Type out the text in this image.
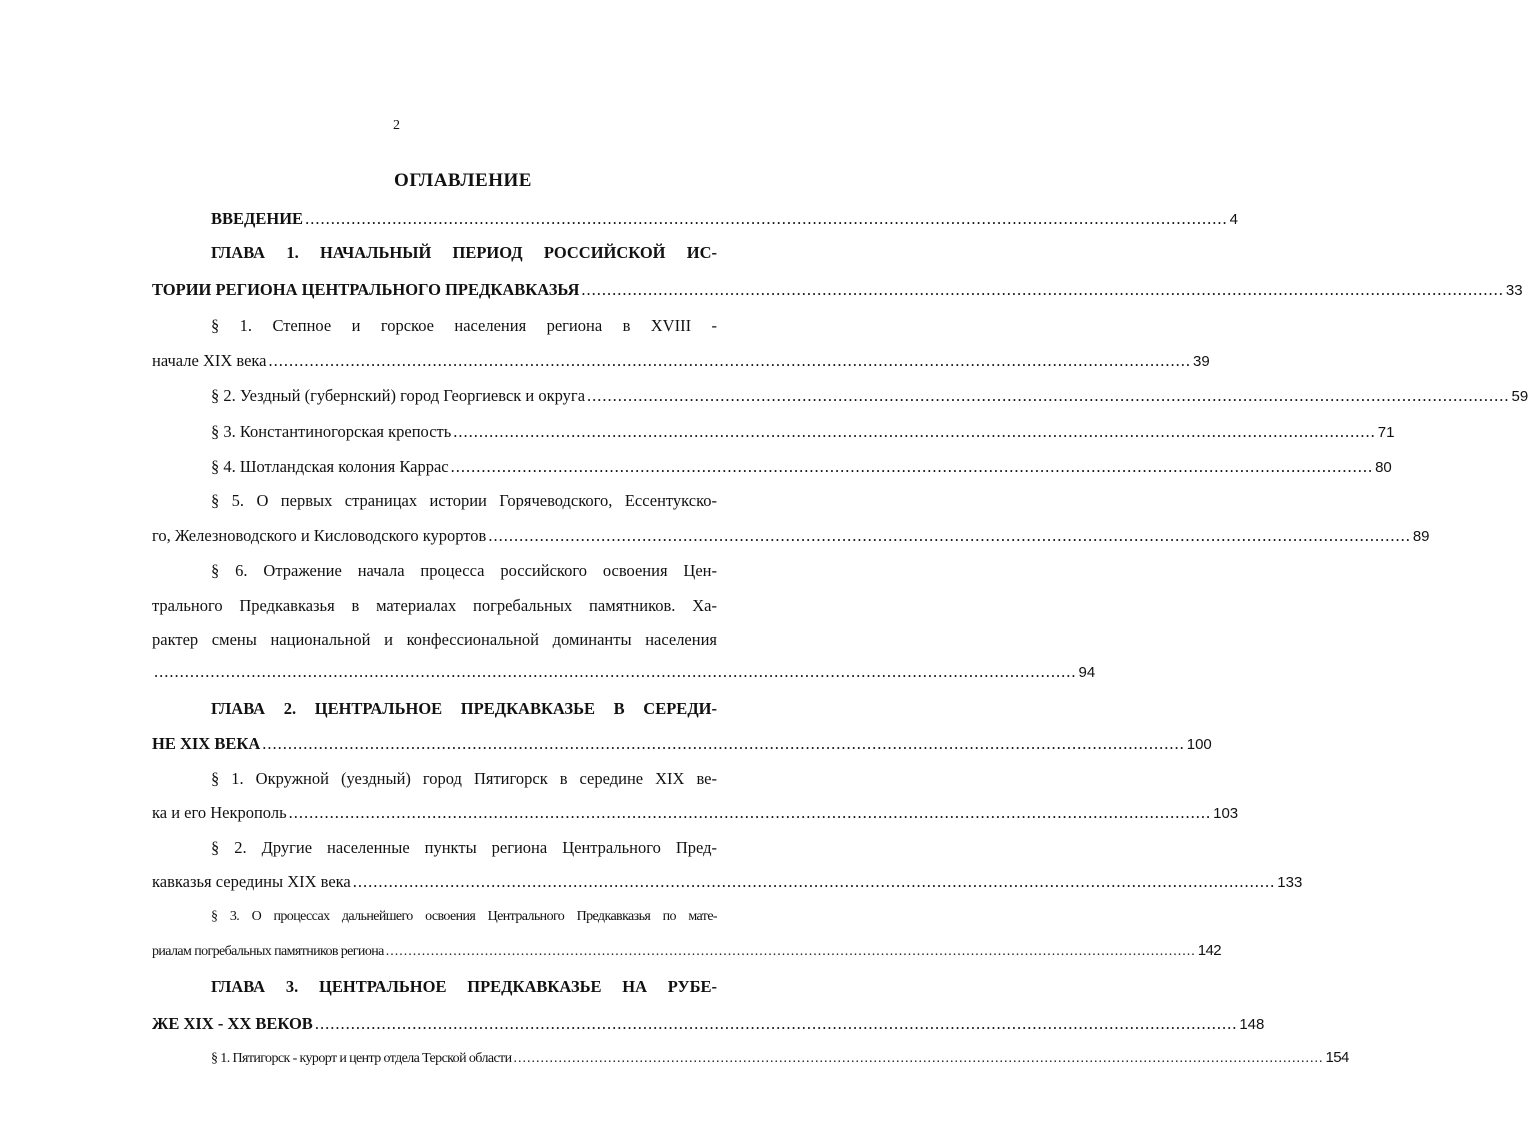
2
ОГЛАВЛЕНИЕ
ВВЕДЕНИЕ .................................................................................................................................................................................... 4
ГЛАВА 1. НАЧАЛЬНЫЙ ПЕРИОД РОССИЙСКОЙ ИС-
ТОРИИ РЕГИОНА ЦЕНТРАЛЬНОГО ПРЕДКАВКАЗЬЯ .................................................................................................................................................................................... 33
§ 1. Степное и горское населения региона в XVIII -
начале XIX века .................................................................................................................................................................................... 39
§ 2. Уездный (губернский) город Георгиевск и округа .................................................................................................................................................................................... 59
§ 3. Константиногорская крепость .................................................................................................................................................................................... 71
§ 4. Шотландская колония Каррас .................................................................................................................................................................................... 80
§ 5. О первых страницах истории Горячеводского, Ессентукско-
го, Железноводского и Кисловодского курортов .................................................................................................................................................................................... 89
§ 6. Отражение начала процесса российского освоения Цен-
трального Предкавказья в материалах погребальных памятников. Ха-
рактер смены национальной и конфессиональной доминанты населения
.................................................................................................................................................................................... 94
ГЛАВА 2. ЦЕНТРАЛЬНОЕ ПРЕДКАВКАЗЬЕ В СЕРЕДИ-
НЕ XIX ВЕКА .................................................................................................................................................................................... 100
§ 1. Окружной (уездный) город Пятигорск в середине XIX ве-
ка и его Некрополь .................................................................................................................................................................................... 103
§ 2. Другие населенные пункты региона Центрального Пред-
кавказья середины XIX века .................................................................................................................................................................................... 133
§ 3. О процессах дальнейшего освоения Центрального Предкавказья по мате-
риалам погребальных памятников региона .................................................................................................................................................................................... 142
ГЛАВА 3. ЦЕНТРАЛЬНОЕ ПРЕДКАВКАЗЬЕ НА РУБЕ-
ЖЕ XIX - XX ВЕКОВ .................................................................................................................................................................................... 148
§ 1. Пятигорск - курорт и центр отдела Терской области .................................................................................................................................................................................... 154
